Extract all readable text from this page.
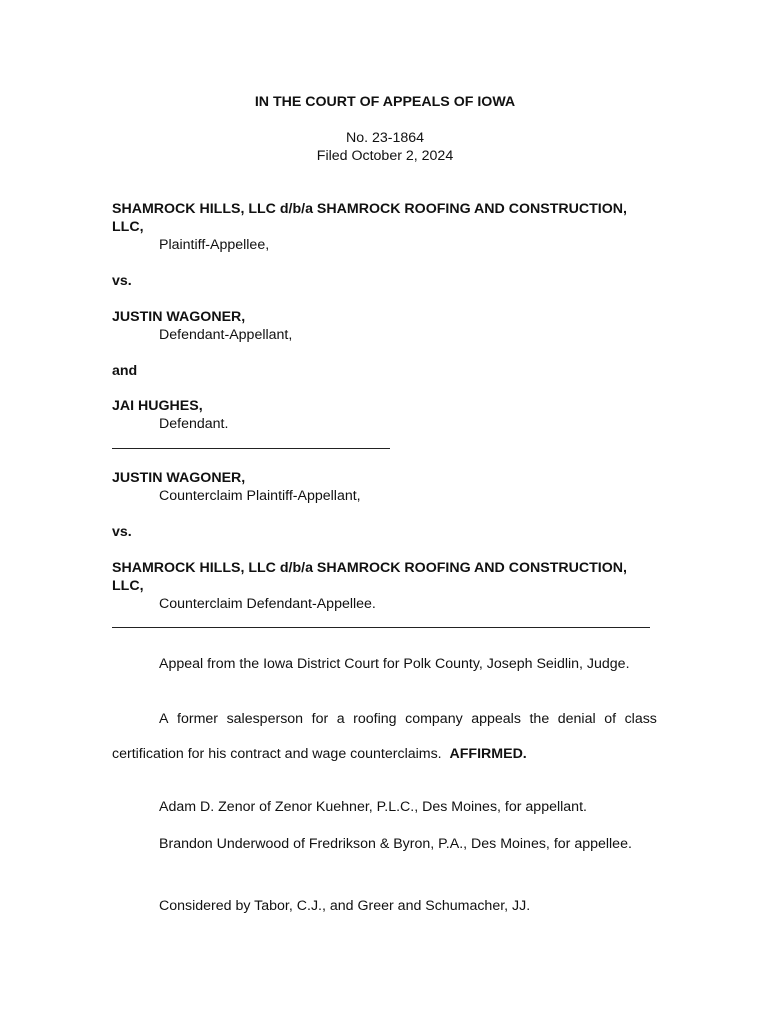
IN THE COURT OF APPEALS OF IOWA
No. 23-1864
Filed October 2, 2024
SHAMROCK HILLS, LLC d/b/a SHAMROCK ROOFING AND CONSTRUCTION,
LLC,
Plaintiff-Appellee,
vs.
JUSTIN WAGONER,
Defendant-Appellant,
and
JAI HUGHES,
Defendant.
JUSTIN WAGONER,
Counterclaim Plaintiff-Appellant,
vs.
SHAMROCK HILLS, LLC d/b/a SHAMROCK ROOFING AND CONSTRUCTION,
LLC,
Counterclaim Defendant-Appellee.
Appeal from the Iowa District Court for Polk County, Joseph Seidlin, Judge.
A former salesperson for a roofing company appeals the denial of class
certification for his contract and wage counterclaims. AFFIRMED.
Adam D. Zenor of Zenor Kuehner, P.L.C., Des Moines, for appellant.
Brandon Underwood of Fredrikson & Byron, P.A., Des Moines, for appellee.
Considered by Tabor, C.J., and Greer and Schumacher, JJ.
